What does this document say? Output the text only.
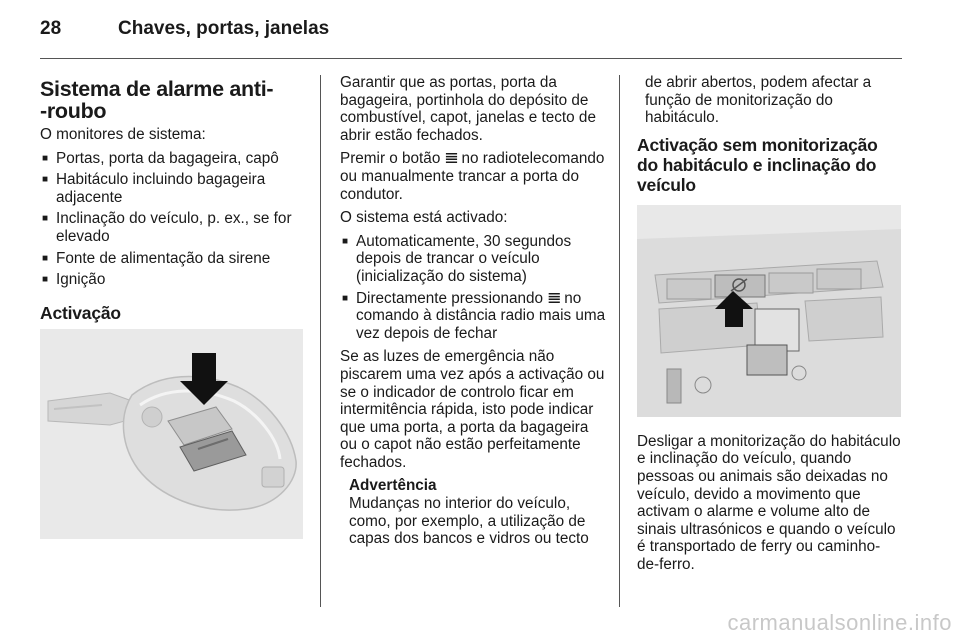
28	Chaves, portas, janelas
Sistema de alarme anti-
-roubo

O monitores de sistema:

■ Portas, porta da bagageira, capô
■ Habitáculo incluindo bagageira adjacente
■ Inclinação do veículo, p. ex., se for elevado
■ Fonte de alimentação da sirene
■ Ignição
Activação

Garantir que as portas, porta da bagageira, portinhola do depósito de combustível, capot, janelas e tecto de abrir estão fechados.

Premir o botão 𝌆 no radiotelecomando ou manualmente trancar a porta do condutor.

O sistema está activado:

■ Automaticamente, 30 segundos depois de trancar o veículo (inicialização do sistema)
■ Directamente pressionando 𝌆 no comando à distância radio mais uma vez depois de fechar

Se as luzes de emergência não piscarem uma vez após a activação ou se o indicador de controlo ficar em intermitência rápida, isto pode indicar que uma porta, a porta da bagageira ou o capot não estão perfeitamente fechados.

Advertência
Mudanças no interior do veículo, como, por exemplo, a utilização de capas dos bancos e vidros ou tecto

de abrir abertos, podem afectar a função de monitorização do habitáculo.

Activação sem monitorização do habitáculo e inclinação do veículo

Desligar a monitorização do habitáculo e inclinação do veículo, quando pessoas ou animais são deixadas no veículo, devido a movimento que activam o alarme e volume alto de sinais ultrasónicos e quando o veículo é transportado de ferry ou caminho-de-ferro.

carmanualsonline.info
